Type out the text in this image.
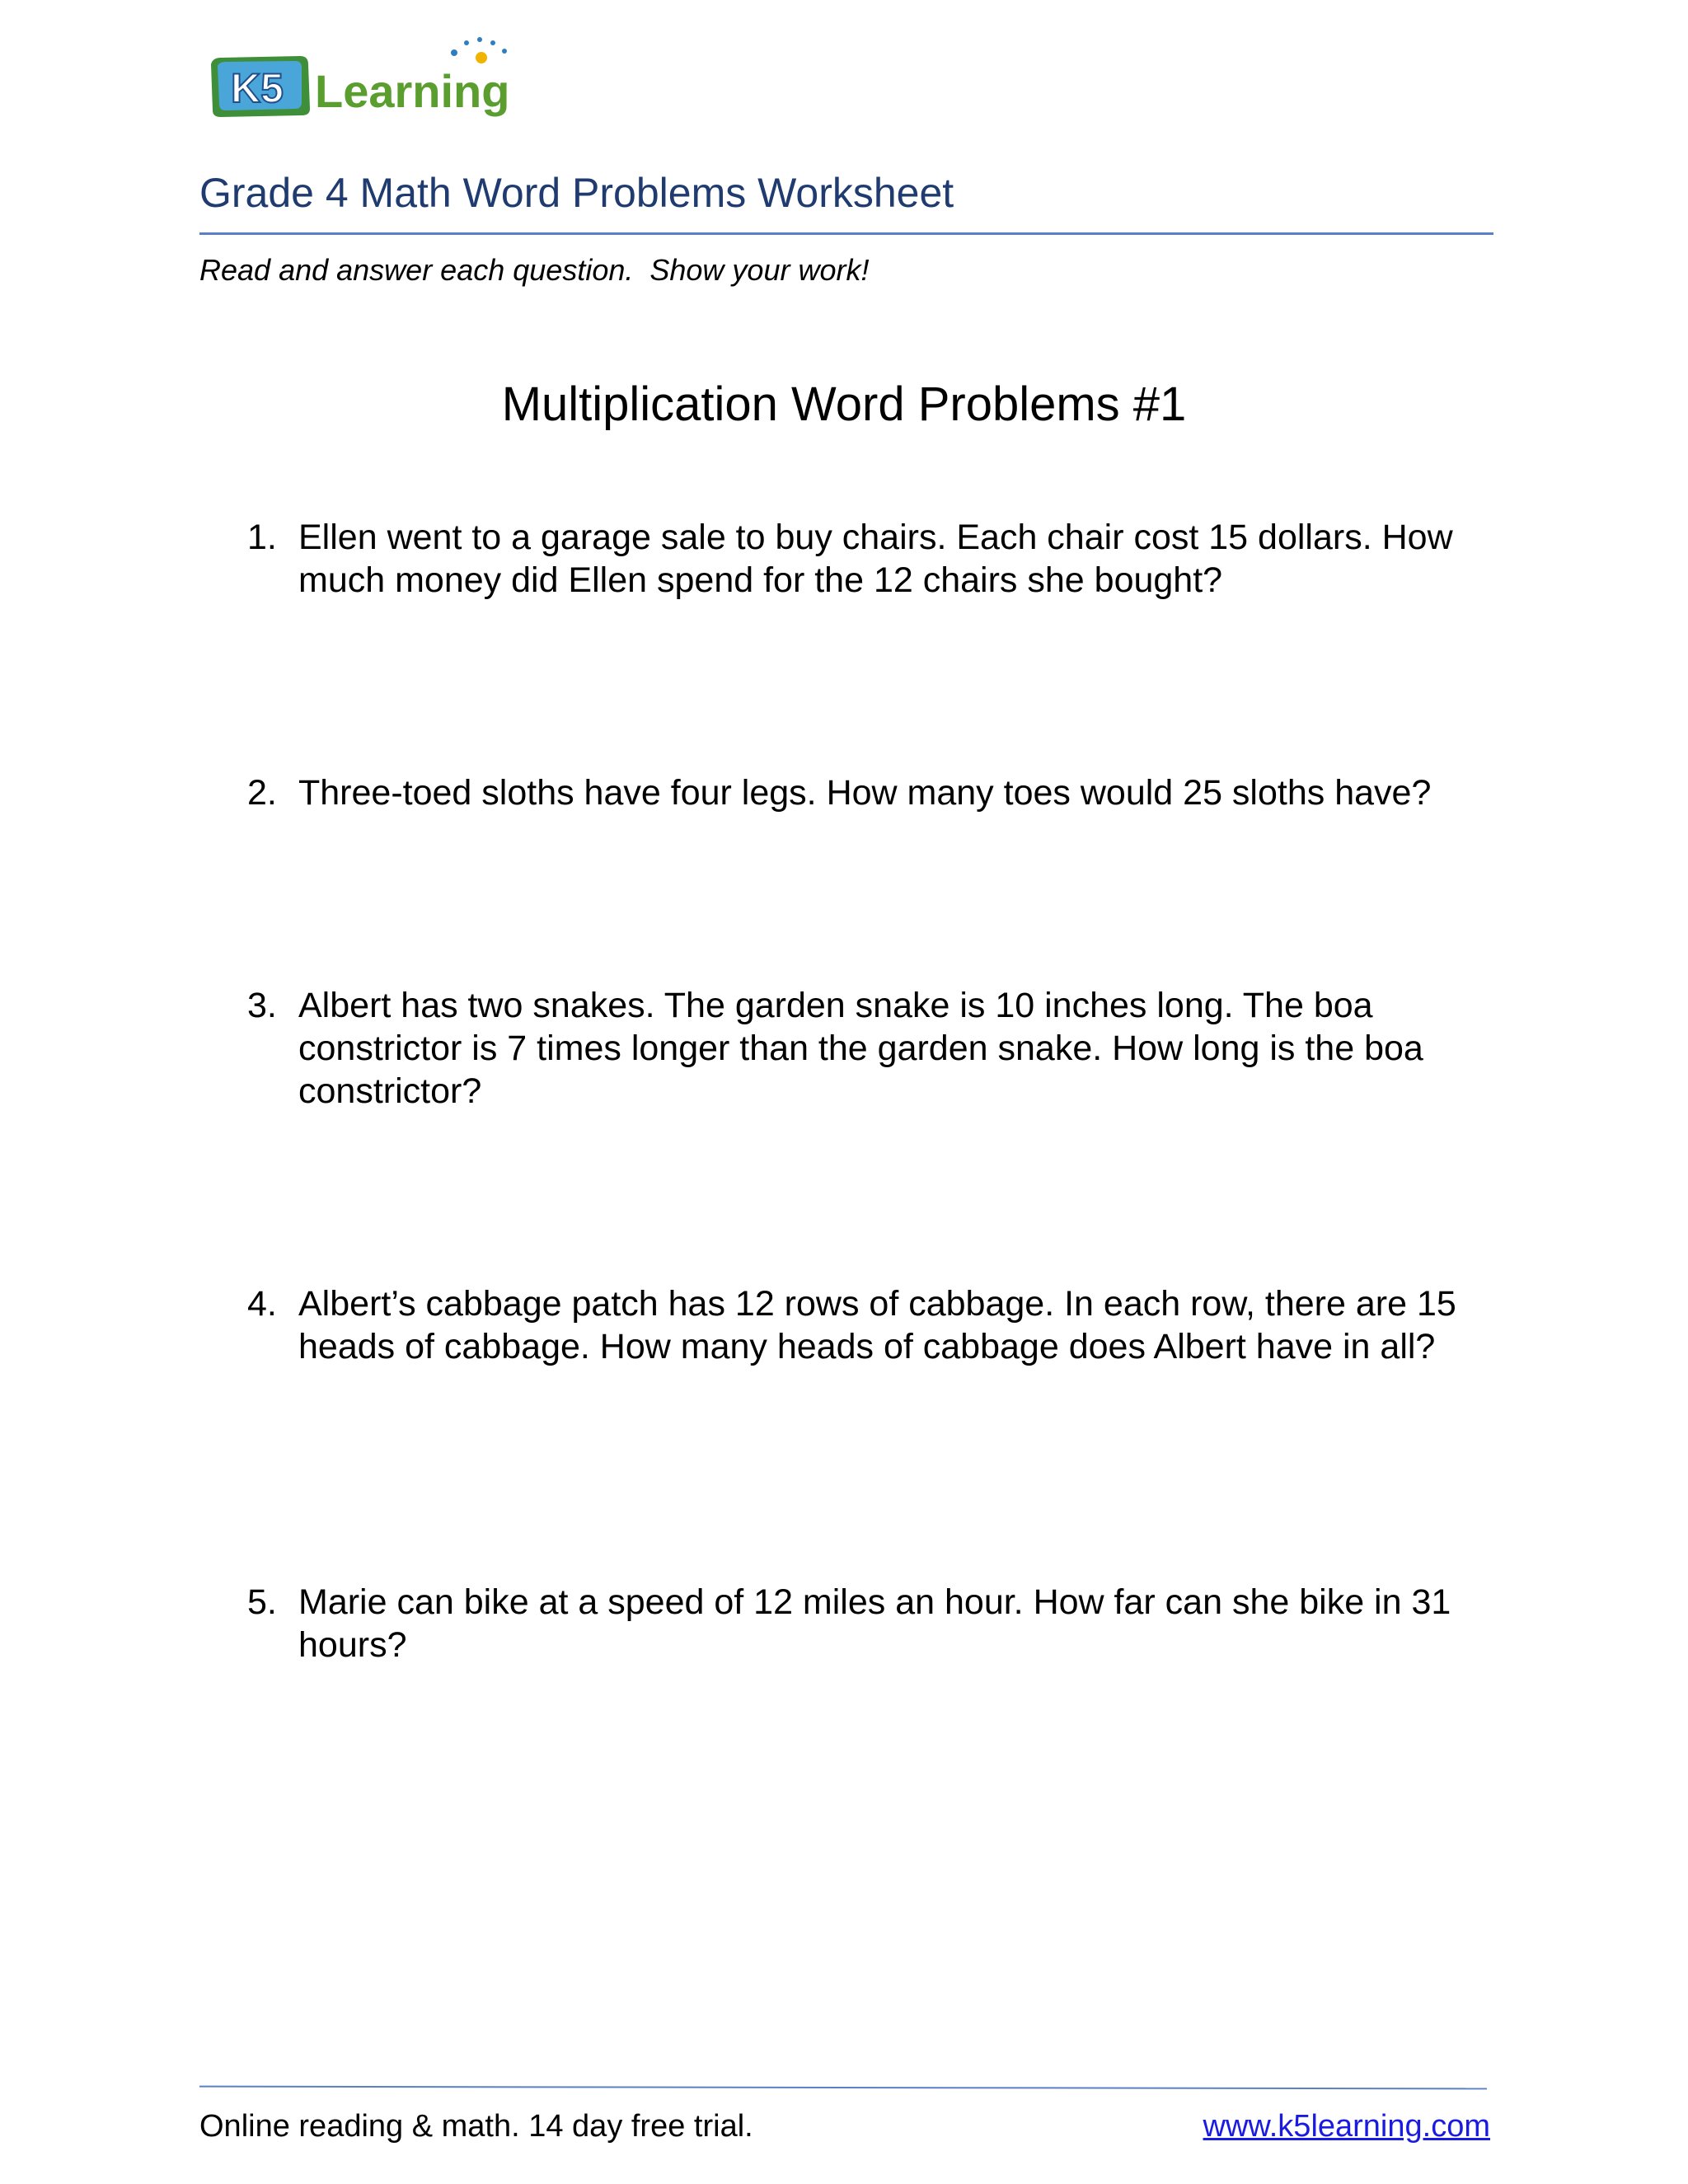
K5 Learning
Grade 4 Math Word Problems Worksheet
Read and answer each question.  Show your work!
Multiplication Word Problems #1
1. Ellen went to a garage sale to buy chairs. Each chair cost 15 dollars. How much money did Ellen spend for the 12 chairs she bought?
2. Three-toed sloths have four legs. How many toes would 25 sloths have?
3. Albert has two snakes. The garden snake is 10 inches long. The boa constrictor is 7 times longer than the garden snake. How long is the boa constrictor?
4. Albert’s cabbage patch has 12 rows of cabbage. In each row, there are 15 heads of cabbage. How many heads of cabbage does Albert have in all?
5. Marie can bike at a speed of 12 miles an hour. How far can she bike in 31 hours?
Online reading & math. 14 day free trial.	www.k5learning.com
